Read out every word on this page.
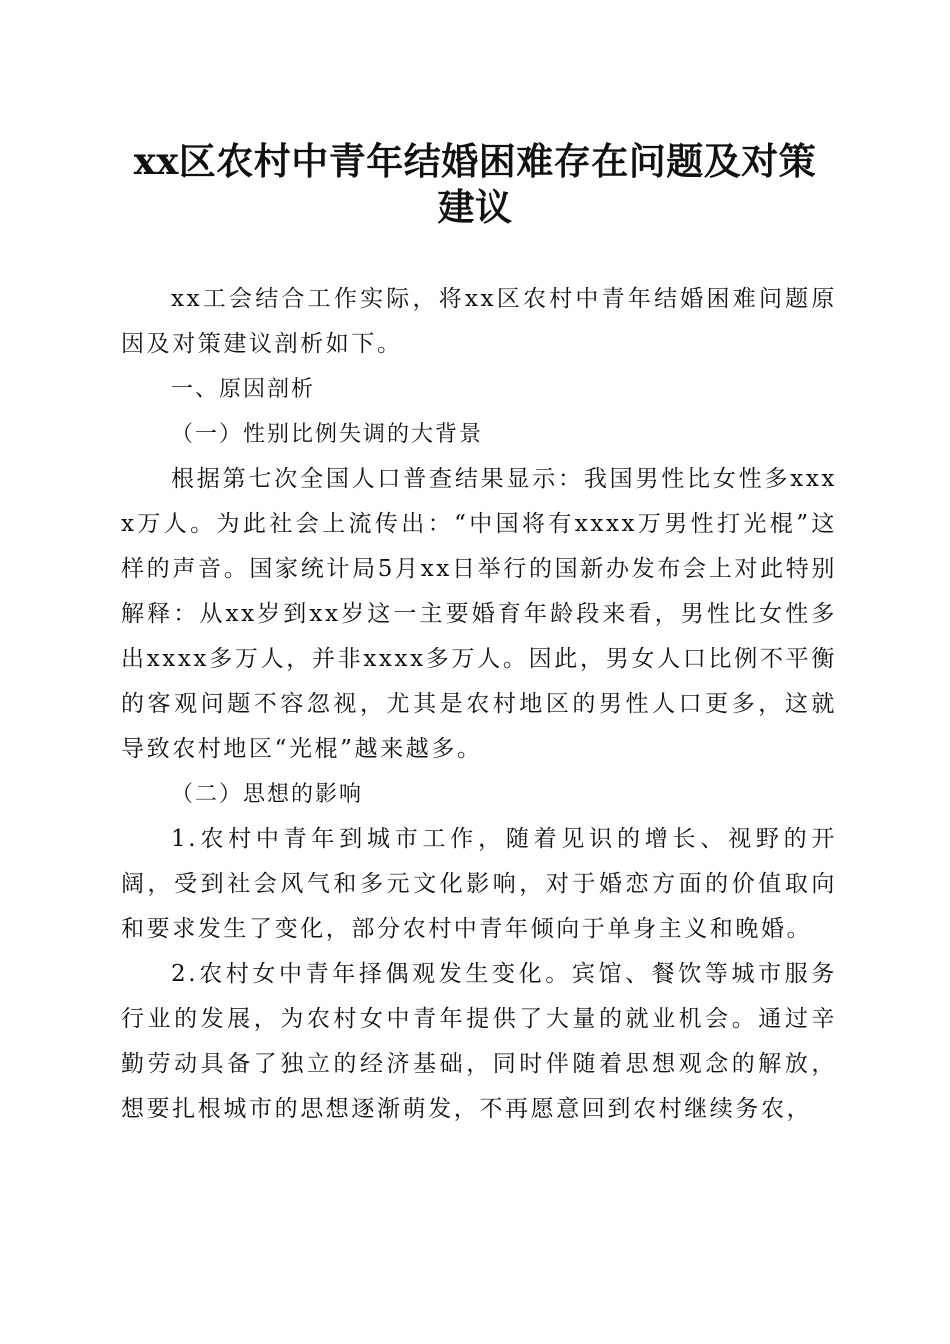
xx区农村中青年结婚困难存在问题及对策建议

xx工会结合工作实际，将xx区农村中青年结婚困难问题原因及对策建议剖析如下。

一、原因剖析

（一）性别比例失调的大背景

根据第七次全国人口普查结果显示：我国男性比女性多xxxx万人。为此社会上流传出：“中国将有xxxx万男性打光棍”这样的声音。国家统计局5月xx日举行的国新办发布会上对此特别解释：从xx岁到xx岁这一主要婚育年龄段来看，男性比女性多出xxxx多万人，并非xxxx多万人。因此，男女人口比例不平衡的客观问题不容忽视，尤其是农村地区的男性人口更多，这就导致农村地区“光棍”越来越多。

（二）思想的影响

1.农村中青年到城市工作，随着见识的增长、视野的开阔，受到社会风气和多元文化影响，对于婚恋方面的价值取向和要求发生了变化，部分农村中青年倾向于单身主义和晚婚。

2.农村女中青年择偶观发生变化。宾馆、餐饮等城市服务行业的发展，为农村女中青年提供了大量的就业机会。通过辛勤劳动具备了独立的经济基础，同时伴随着思想观念的解放，想要扎根城市的思想逐渐萌发，不再愿意回到农村继续务农，
